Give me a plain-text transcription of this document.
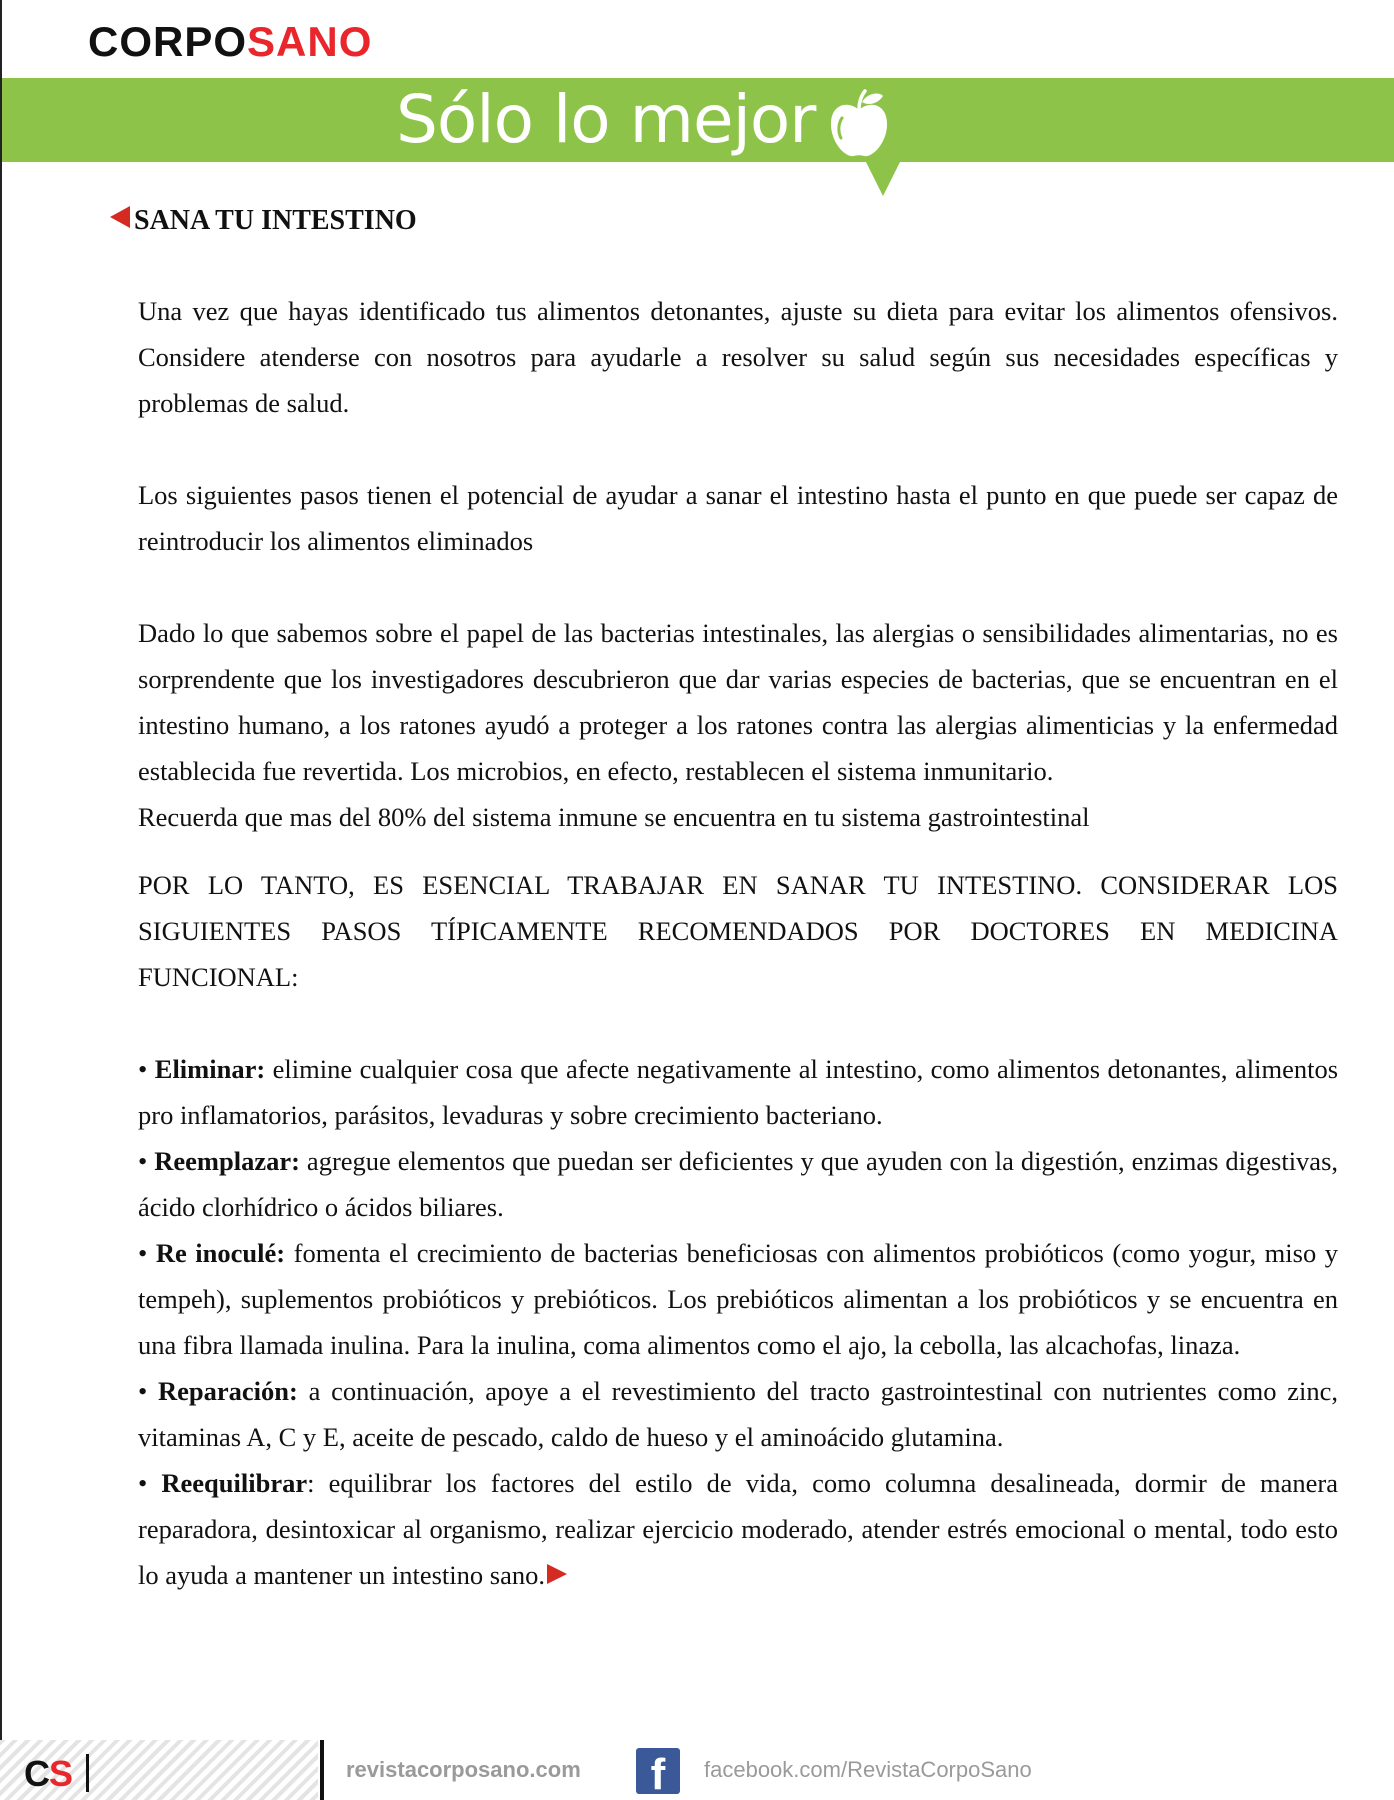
CORPOSANO
Sólo lo mejor
SANA TU INTESTINO

Una vez que hayas identificado tus alimentos detonantes, ajuste su dieta para evitar los alimentos ofensivos. Considere atenderse con nosotros para ayudarle a resolver su salud según sus necesidades específicas y problemas de salud.

Los siguientes pasos tienen el potencial de ayudar a sanar el intestino hasta el punto en que puede ser capaz de reintroducir los alimentos eliminados

Dado lo que sabemos sobre el papel de las bacterias intestinales, las alergias o sensibilidades alimentarias, no es sorprendente que los investigadores descubrieron que dar varias especies de bacterias, que se encuentran en el intestino humano, a los ratones ayudó a proteger a los ratones contra las alergias alimenticias y la enfermedad establecida fue revertida. Los microbios, en efecto, restablecen el sistema inmunitario.

Recuerda que mas del 80% del sistema inmune se encuentra en tu sistema gastrointestinal

POR LO TANTO, ES ESENCIAL TRABAJAR EN SANAR TU INTESTINO. CONSIDERAR LOS SIGUIENTES PASOS TÍPICAMENTE RECOMENDADOS POR DOCTORES EN MEDICINA FUNCIONAL:

• Eliminar: elimine cualquier cosa que afecte negativamente al intestino, como alimentos detonantes, alimentos pro inflamatorios, parásitos, levaduras y sobre crecimiento bacteriano.

• Reemplazar: agregue elementos que puedan ser deficientes y que ayuden con la digestión, enzimas digestivas, ácido clorhídrico o ácidos biliares.

• Re inoculé: fomenta el crecimiento de bacterias beneficiosas con alimentos probióticos (como yogur, miso y tempeh), suplementos probióticos y prebióticos. Los prebióticos alimentan a los probióticos y se encuentra en una fibra llamada inulina. Para la inulina, coma alimentos como el ajo, la cebolla, las alcachofas, linaza.

• Reparación: a continuación, apoye a el revestimiento del tracto gastrointestinal con nutrientes como zinc, vitaminas A, C y E, aceite de pescado, caldo de hueso y el aminoácido glutamina.

• Reequilibrar: equilibrar los factores del estilo de vida, como columna desalineada, dormir de manera reparadora, desintoxicar al organismo, realizar ejercicio moderado, atender estrés emocional o mental, todo esto lo ayuda a mantener un intestino sano.

CS	revistacorposano.com	f	facebook.com/RevistaCorpoSano
